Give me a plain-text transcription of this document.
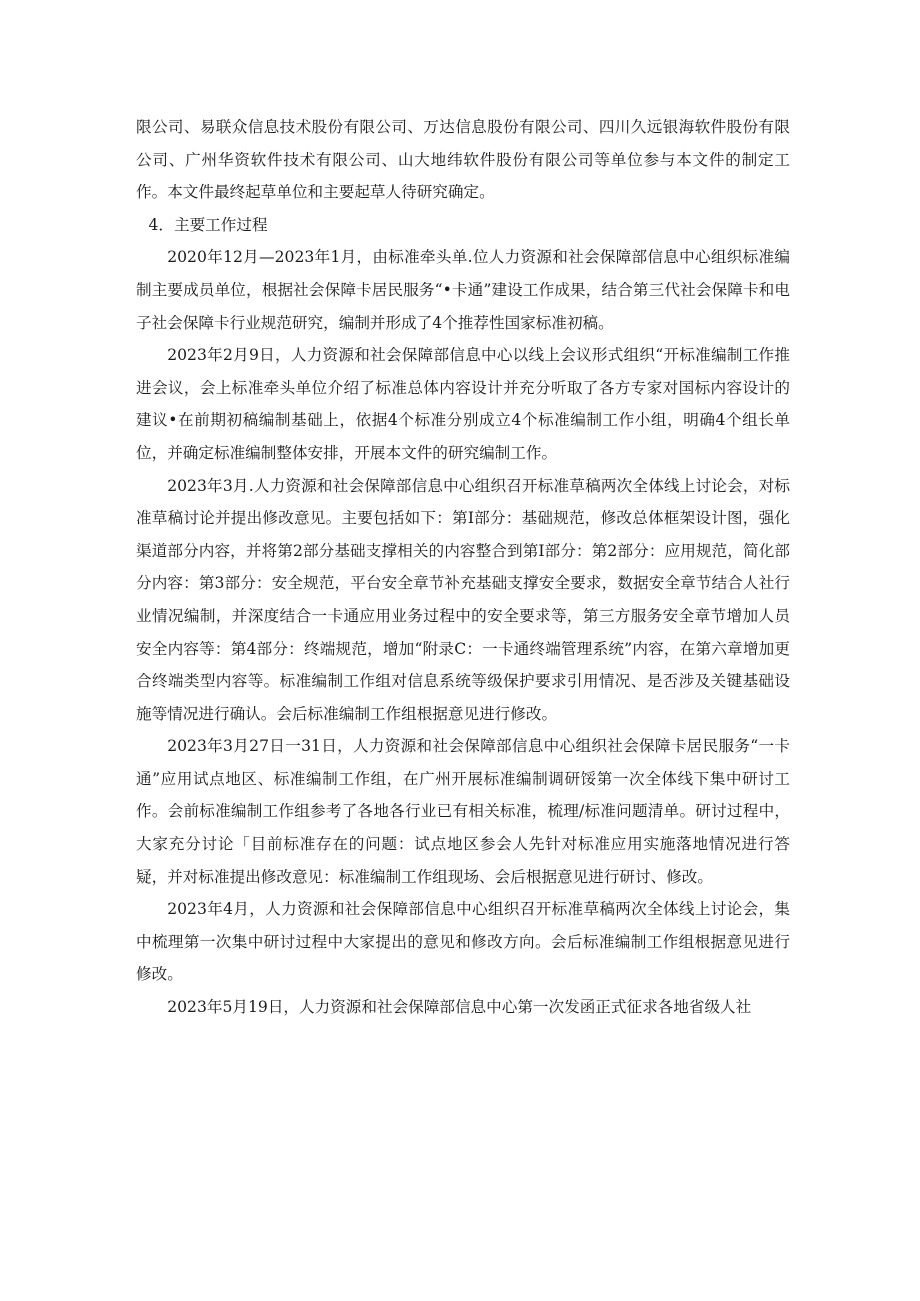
限公司、易联众信息技术股份有限公司、万达信息股份有限公司、四川久远银海软件股份有限公司、广州华资软件技术有限公司、山大地纬软件股份有限公司等单位参与本文件的制定工作。本文件最终起草单位和主要起草人待研究确定。

4．主要工作过程

2020年12月—2023年1月，由标准牵头单.位人力资源和社会保障部信息中心组织标准编制主要成员单位，根据社会保障卡居民服务“•卡通”建设工作成果，结合第三代社会保障卡和电子社会保障卡行业规范研究，编制并形成了4个推荐性国家标准初稿。

2023年2月9日，人力资源和社会保障部信息中心以线上会议形式组织“开标准编制工作推进会议，会上标准牵头单位介绍了标准总体内容设计并充分听取了各方专家对国标内容设计的建议•在前期初稿编制基础上，依据4个标准分别成立4个标准编制工作小组，明确4个组长单位，并确定标准编制整体安排，开展本文件的研究编制工作。

2023年3月.人力资源和社会保障部信息中心组织召开标准草稿两次全体线上讨论会，对标准草稿讨论并提出修改意见。主要包括如下：第I部分：基础规范，修改总体框架设计图，强化渠道部分内容，并将第2部分基础支撑相关的内容整合到第I部分：第2部分：应用规范，简化部分内容：第3部分：安全规范，平台安全章节补充基础支撑安全要求，数据安全章节结合人社行业情况编制，并深度结合一卡通应用业务过程中的安全要求等，第三方服务安全章节增加人员安全内容等：第4部分：终端规范，增加“附录C：一卡通终端管理系统”内容，在第六章增加更合终端类型内容等。标准编制工作组对信息系统等级保护要求引用情况、是否涉及关键基础设施等情况进行确认。会后标准编制工作组根据意见进行修改。

2023年3月27日一31日，人力资源和社会保障部信息中心组织社会保障卡居民服务“一卡通”应用试点地区、标准编制工作组，在广州开展标准编制调研馁第一次全体线下集中研讨工作。会前标准编制工作组参考了各地各行业已有相关标准，梳理/标准问题清单。研讨过程中，大家充分讨论「目前标准存在的问题：试点地区参会人先针对标准应用实施落地情况进行答疑，并对标准提出修改意见：标准编制工作组现场、会后根据意见进行研讨、修改。

2023年4月，人力资源和社会保障部信息中心组织召开标准草稿两次全体线上讨论会，集中梳理第一次集中研讨过程中大家提出的意见和修改方向。会后标准编制工作组根据意见进行修改。

2023年5月19日，人力资源和社会保障部信息中心第一次发函正式征求各地省级人社
